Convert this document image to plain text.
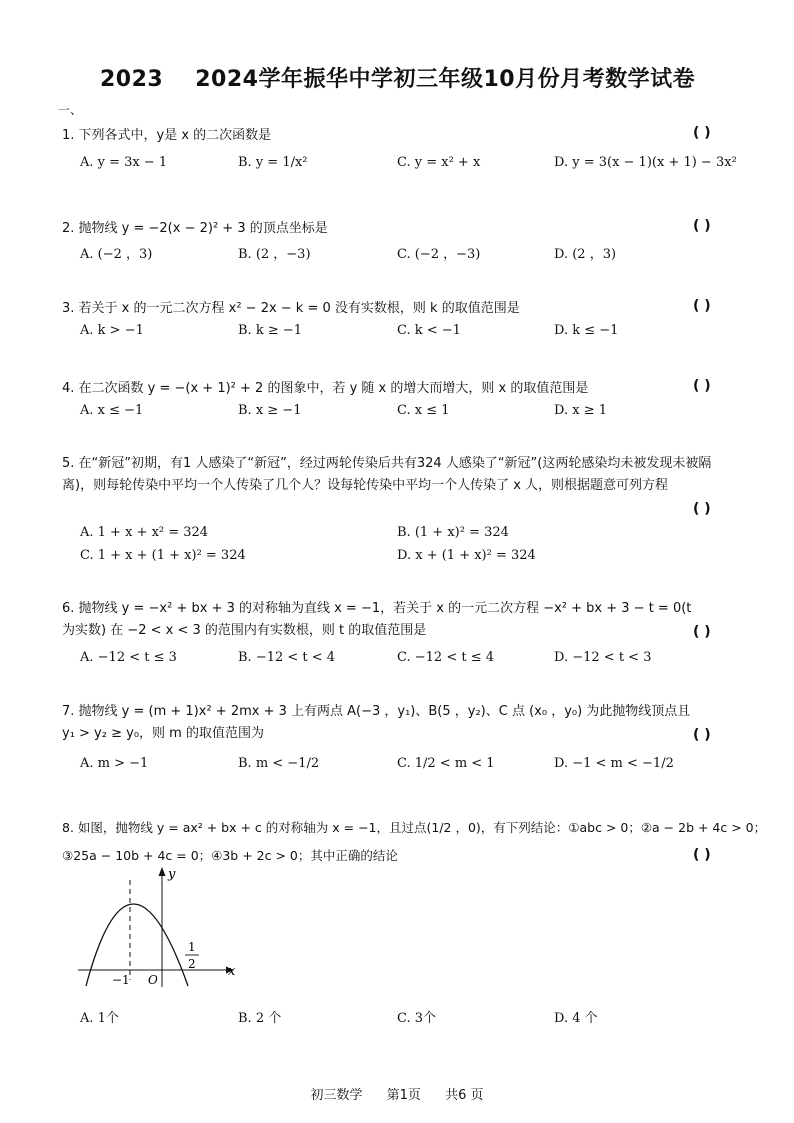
2023 2024学年振华中学初三年级10月份月考数学试卷
一、
1. 下列各式中，y是 x 的二次函数是	( )
A. y = 3x − 1	B. y = 1/x²	C. y = x² + x	D. y = 3(x − 1)(x + 1) − 3x²
2. 抛物线 y = −2(x − 2)² + 3 的顶点坐标是	( )
A. (−2 ，3)	B. (2 ，−3)	C. (−2 ，−3)	D. (2 ，3)
3. 若关于 x 的一元二次方程 x² − 2x − k = 0 没有实数根，则 k 的取值范围是	( )
A. k > −1	B. k ≥ −1	C. k < −1	D. k ≤ −1
4. 在二次函数 y = −(x + 1)² + 2 的图象中，若 y 随 x 的增大而增大，则 x 的取值范围是	( )
A. x ≤ −1	B. x ≥ −1	C. x ≤ 1	D. x ≥ 1
5. 在“新冠”初期，有1 人感染了“新冠”，经过两轮传染后共有324 人感染了“新冠”(这两轮感染均未被发现未被隔离)，则每轮传染中平均一个人传染了几个人？设每轮传染中平均一个人传染了 x 人，则根据题意可列方程
( )
A. 1 + x + x² = 324	B. (1 + x)² = 324
C. 1 + x + (1 + x)² = 324	D. x + (1 + x)² = 324
6. 抛物线 y = −x² + bx + 3 的对称轴为直线 x = −1，若关于 x 的一元二次方程 −x² + bx + 3 − t = 0(t 为实数) 在 −2 < x < 3 的范围内有实数根，则 t 的取值范围是	( )
A. −12 < t ≤ 3	B. −12 < t < 4	C. −12 < t ≤ 4	D. −12 < t < 3
7. 抛物线 y = (m + 1)x² + 2mx + 3 上有两点 A(−3 ，y₁)、B(5 ，y₂)、C 点 (x₀ ，y₀) 为此抛物线顶点且 y₁ > y₂ ≥ y₀，则 m 的取值范围为	( )
A. m > −1	B. m < −1/2	C. 1/2 < m < 1	D. −1 < m < −1/2
8. 如图，抛物线 y = ax² + bx + c 的对称轴为 x = −1，且过点(1/2 ，0)，有下列结论：①abc > 0；②a − 2b + 4c > 0；
③25a − 10b + 4c = 0；④3b + 2c > 0；其中正确的结论	( )
y
x
O
−1
1
2
A. 1个	B. 2 个	C. 3个	D. 4 个
初三数学 第1页 共6 页
